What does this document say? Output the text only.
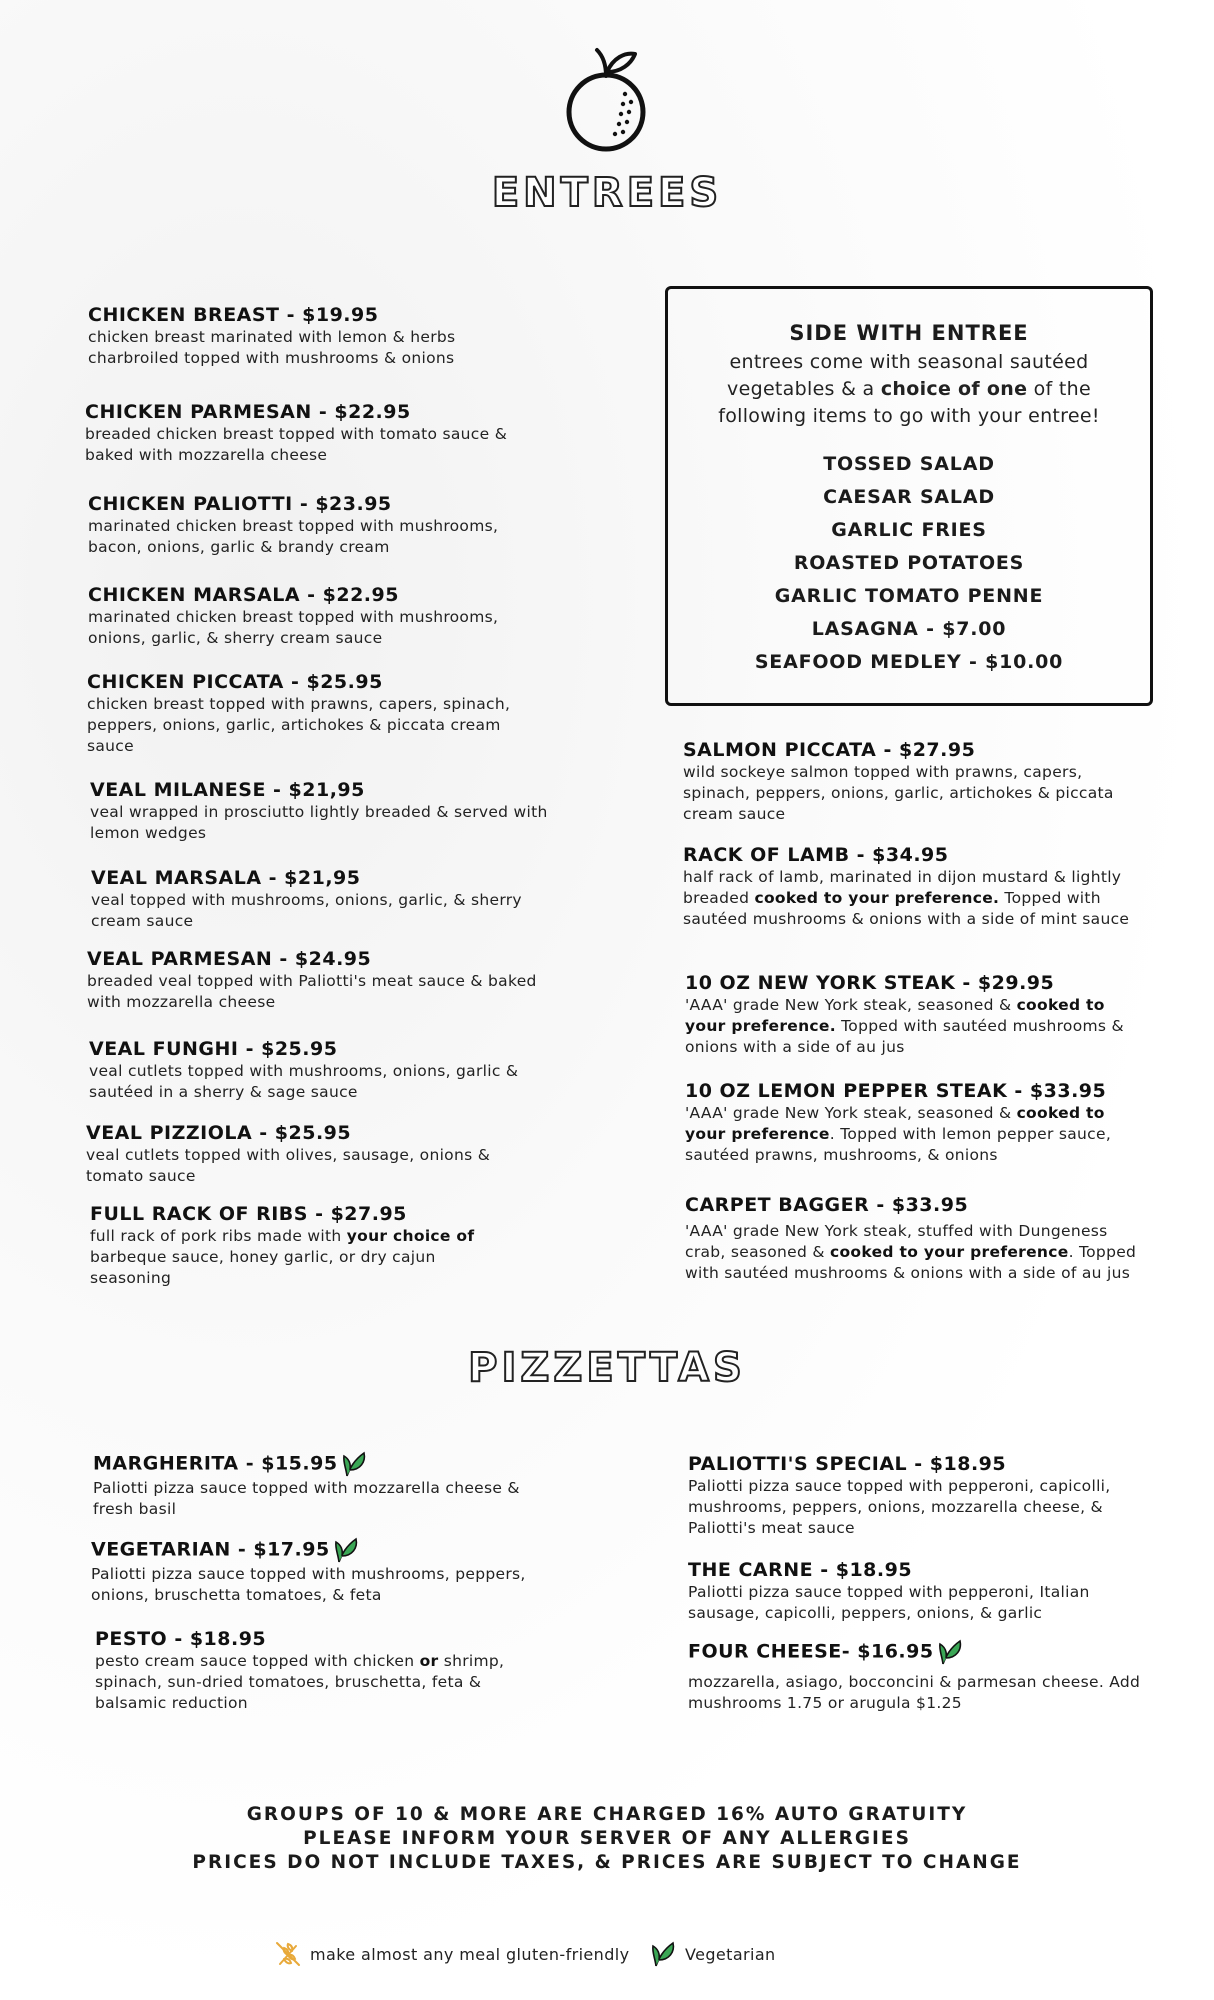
ENTREES
CHICKEN BREAST - $19.95
chicken breast marinated with lemon & herbs charbroiled topped with mushrooms & onions
CHICKEN PARMESAN - $22.95
breaded chicken breast topped with tomato sauce & baked with mozzarella cheese
CHICKEN PALIOTTI - $23.95
marinated chicken breast topped with mushrooms, bacon, onions, garlic & brandy cream
CHICKEN MARSALA - $22.95
marinated chicken breast topped with mushrooms, onions, garlic, & sherry cream sauce
CHICKEN PICCATA - $25.95
chicken breast topped with prawns, capers, spinach, peppers, onions, garlic, artichokes & piccata cream sauce
VEAL MILANESE - $21,95
veal wrapped in prosciutto lightly breaded & served with lemon wedges
VEAL MARSALA - $21,95
veal topped with mushrooms, onions, garlic, & sherry cream sauce
VEAL PARMESAN - $24.95
breaded veal topped with Paliotti's meat sauce & baked with mozzarella cheese
VEAL FUNGHI - $25.95
veal cutlets topped with mushrooms, onions, garlic & sautéed in a sherry & sage sauce
VEAL PIZZIOLA - $25.95
veal cutlets topped with olives, sausage, onions & tomato sauce
FULL RACK OF RIBS - $27.95
full rack of pork ribs made with your choice of barbeque sauce, honey garlic, or dry cajun seasoning
SIDE WITH ENTREE
entrees come with seasonal sautéed vegetables & a choice of one of the following items to go with your entree!
TOSSED SALAD
CAESAR SALAD
GARLIC FRIES
ROASTED POTATOES
GARLIC TOMATO PENNE
LASAGNA - $7.00
SEAFOOD MEDLEY - $10.00
SALMON PICCATA - $27.95
wild sockeye salmon topped with prawns, capers, spinach, peppers, onions, garlic, artichokes & piccata cream sauce
RACK OF LAMB - $34.95
half rack of lamb, marinated in dijon mustard & lightly breaded cooked to your preference. Topped with sautéed mushrooms & onions with a side of mint sauce
10 OZ NEW YORK STEAK - $29.95
'AAA' grade New York steak, seasoned & cooked to your preference. Topped with sautéed mushrooms & onions with a side of au jus
10 OZ LEMON PEPPER STEAK - $33.95
'AAA' grade New York steak, seasoned & cooked to your preference. Topped with lemon pepper sauce, sautéed prawns, mushrooms, & onions
CARPET BAGGER - $33.95
'AAA' grade New York steak, stuffed with Dungeness crab, seasoned & cooked to your preference. Topped with sautéed mushrooms & onions with a side of au jus
PIZZETTAS
MARGHERITA - $15.95
Paliotti pizza sauce topped with mozzarella cheese & fresh basil
VEGETARIAN - $17.95
Paliotti pizza sauce topped with mushrooms, peppers, onions, bruschetta tomatoes, & feta
PESTO - $18.95
pesto cream sauce topped with chicken or shrimp, spinach, sun-dried tomatoes, bruschetta, feta & balsamic reduction
PALIOTTI'S SPECIAL - $18.95
Paliotti pizza sauce topped with pepperoni, capicolli, mushrooms, peppers, onions, mozzarella cheese, & Paliotti's meat sauce
THE CARNE - $18.95
Paliotti pizza sauce topped with pepperoni, Italian sausage, capicolli, peppers, onions, & garlic
FOUR CHEESE- $16.95
mozzarella, asiago, bocconcini & parmesan cheese. Add mushrooms 1.75 or arugula $1.25
GROUPS OF 10 & MORE ARE CHARGED 16% AUTO GRATUITY
PLEASE INFORM YOUR SERVER OF ANY ALLERGIES
PRICES DO NOT INCLUDE TAXES, & PRICES ARE SUBJECT TO CHANGE
make almost any meal gluten-friendly	Vegetarian
